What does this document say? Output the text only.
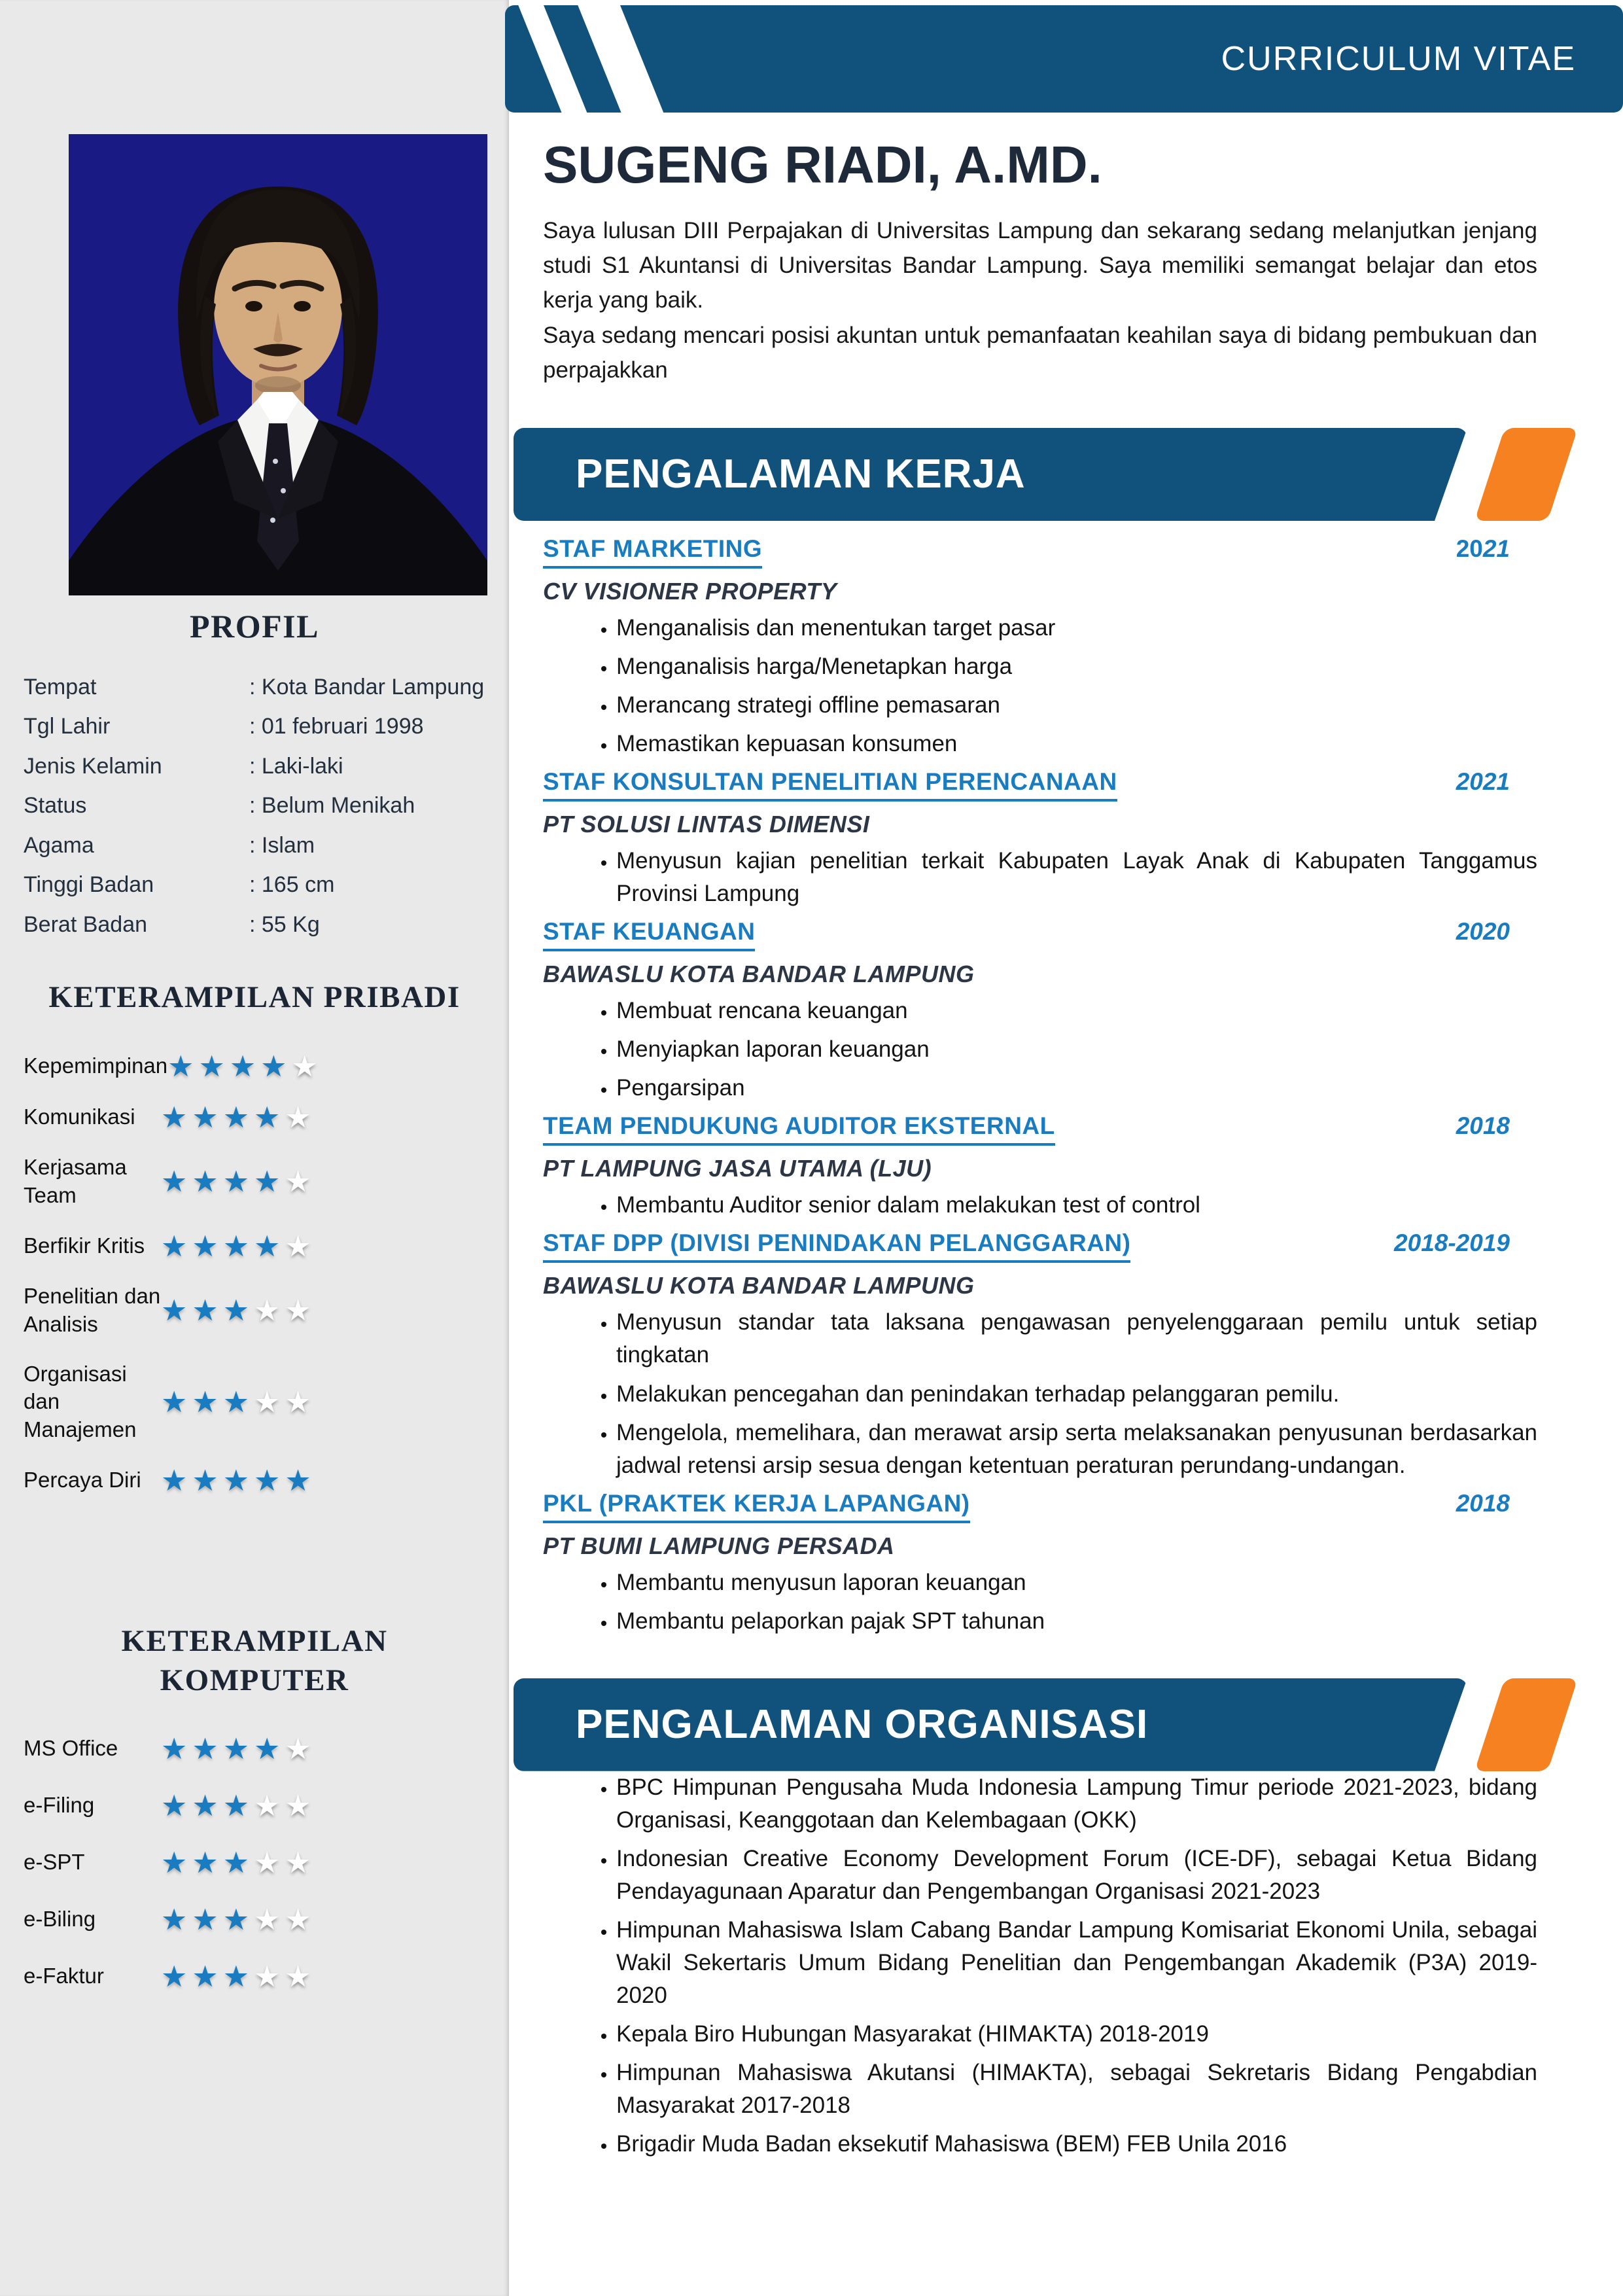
PROFIL
Tempat	: Kota Bandar Lampung
Tgl Lahir	: 01 februari 1998
Jenis Kelamin	: Laki-laki
Status	: Belum Menikah
Agama	: Islam
Tinggi Badan	: 165 cm
Berat Badan	: 55 Kg
KETERAMPILAN PRIBADI
Kepemimpinan ★★★★★
Komunikasi ★★★★★
Kerjasama Team	★★★★★
Berfikir Kritis ★★★★★
Penelitian dan Analisis	★★★★★
Organisasi dan Manajemen
★★★★★
Percaya Diri ★★★★★
KETERAMPILAN KOMPUTER
MS Office	★★★★★
e-Filing	★★★★★
e-SPT	★★★★★
e-Biling	★★★★★
e-Faktur	★★★★★
CURRICULUM VITAE
SUGENG RIADI, A.MD.

Saya lulusan DIII Perpajakan di Universitas Lampung dan sekarang sedang melanjutkan jenjang studi S1 Akuntansi di Universitas Bandar Lampung. Saya memiliki semangat belajar dan etos kerja yang baik.

Saya sedang mencari posisi akuntan untuk pemanfaatan keahilan saya di bidang pembukuan dan perpajakkan

PENGALAMAN KERJA
STAF MARKETING	2021
CV VISIONER PROPERTY
• Menganalisis dan menentukan target pasar
• Menganalisis harga/Menetapkan harga
• Merancang strategi offline pemasaran
• Memastikan kepuasan konsumen
STAF KONSULTAN PENELITIAN PERENCANAAN	2021
PT SOLUSI LINTAS DIMENSI
• Menyusun kajian penelitian terkait Kabupaten Layak Anak di Kabupaten Tanggamus Provinsi Lampung
STAF KEUANGAN	2020
BAWASLU KOTA BANDAR LAMPUNG
• Membuat rencana keuangan
• Menyiapkan laporan keuangan
• Pengarsipan
TEAM PENDUKUNG AUDITOR EKSTERNAL	2018
PT LAMPUNG JASA UTAMA (LJU)
• Membantu Auditor senior dalam melakukan test of control
STAF DPP (DIVISI PENINDAKAN PELANGGARAN)	2018-2019
BAWASLU KOTA BANDAR LAMPUNG
• Menyusun standar tata laksana pengawasan penyelenggaraan pemilu untuk setiap tingkatan
• Melakukan pencegahan dan penindakan terhadap pelanggaran pemilu.
• Mengelola, memelihara, dan merawat arsip serta melaksanakan penyusunan berdasarkan jadwal retensi arsip sesua dengan ketentuan peraturan perundang-undangan.
PKL (PRAKTEK KERJA LAPANGAN)	2018
PT BUMI LAMPUNG PERSADA
• Membantu menyusun laporan keuangan
• Membantu pelaporkan pajak SPT tahunan
PENGALAMAN ORGANISASI
• BPC Himpunan Pengusaha Muda Indonesia Lampung Timur periode 2021-2023, bidang Organisasi, Keanggotaan dan Kelembagaan (OKK)
• Indonesian Creative Economy Development Forum (ICE-DF), sebagai Ketua Bidang Pendayagunaan Aparatur dan Pengembangan Organisasi 2021-2023
• Himpunan Mahasiswa Islam Cabang Bandar Lampung Komisariat Ekonomi Unila, sebagai Wakil Sekertaris Umum Bidang Penelitian dan Pengembangan Akademik (P3A) 2019-2020
• Kepala Biro Hubungan Masyarakat (HIMAKTA) 2018-2019
• Himpunan Mahasiswa Akutansi (HIMAKTA), sebagai Sekretaris Bidang Pengabdian Masyarakat 2017-2018
• Brigadir Muda Badan eksekutif Mahasiswa (BEM) FEB Unila 2016
